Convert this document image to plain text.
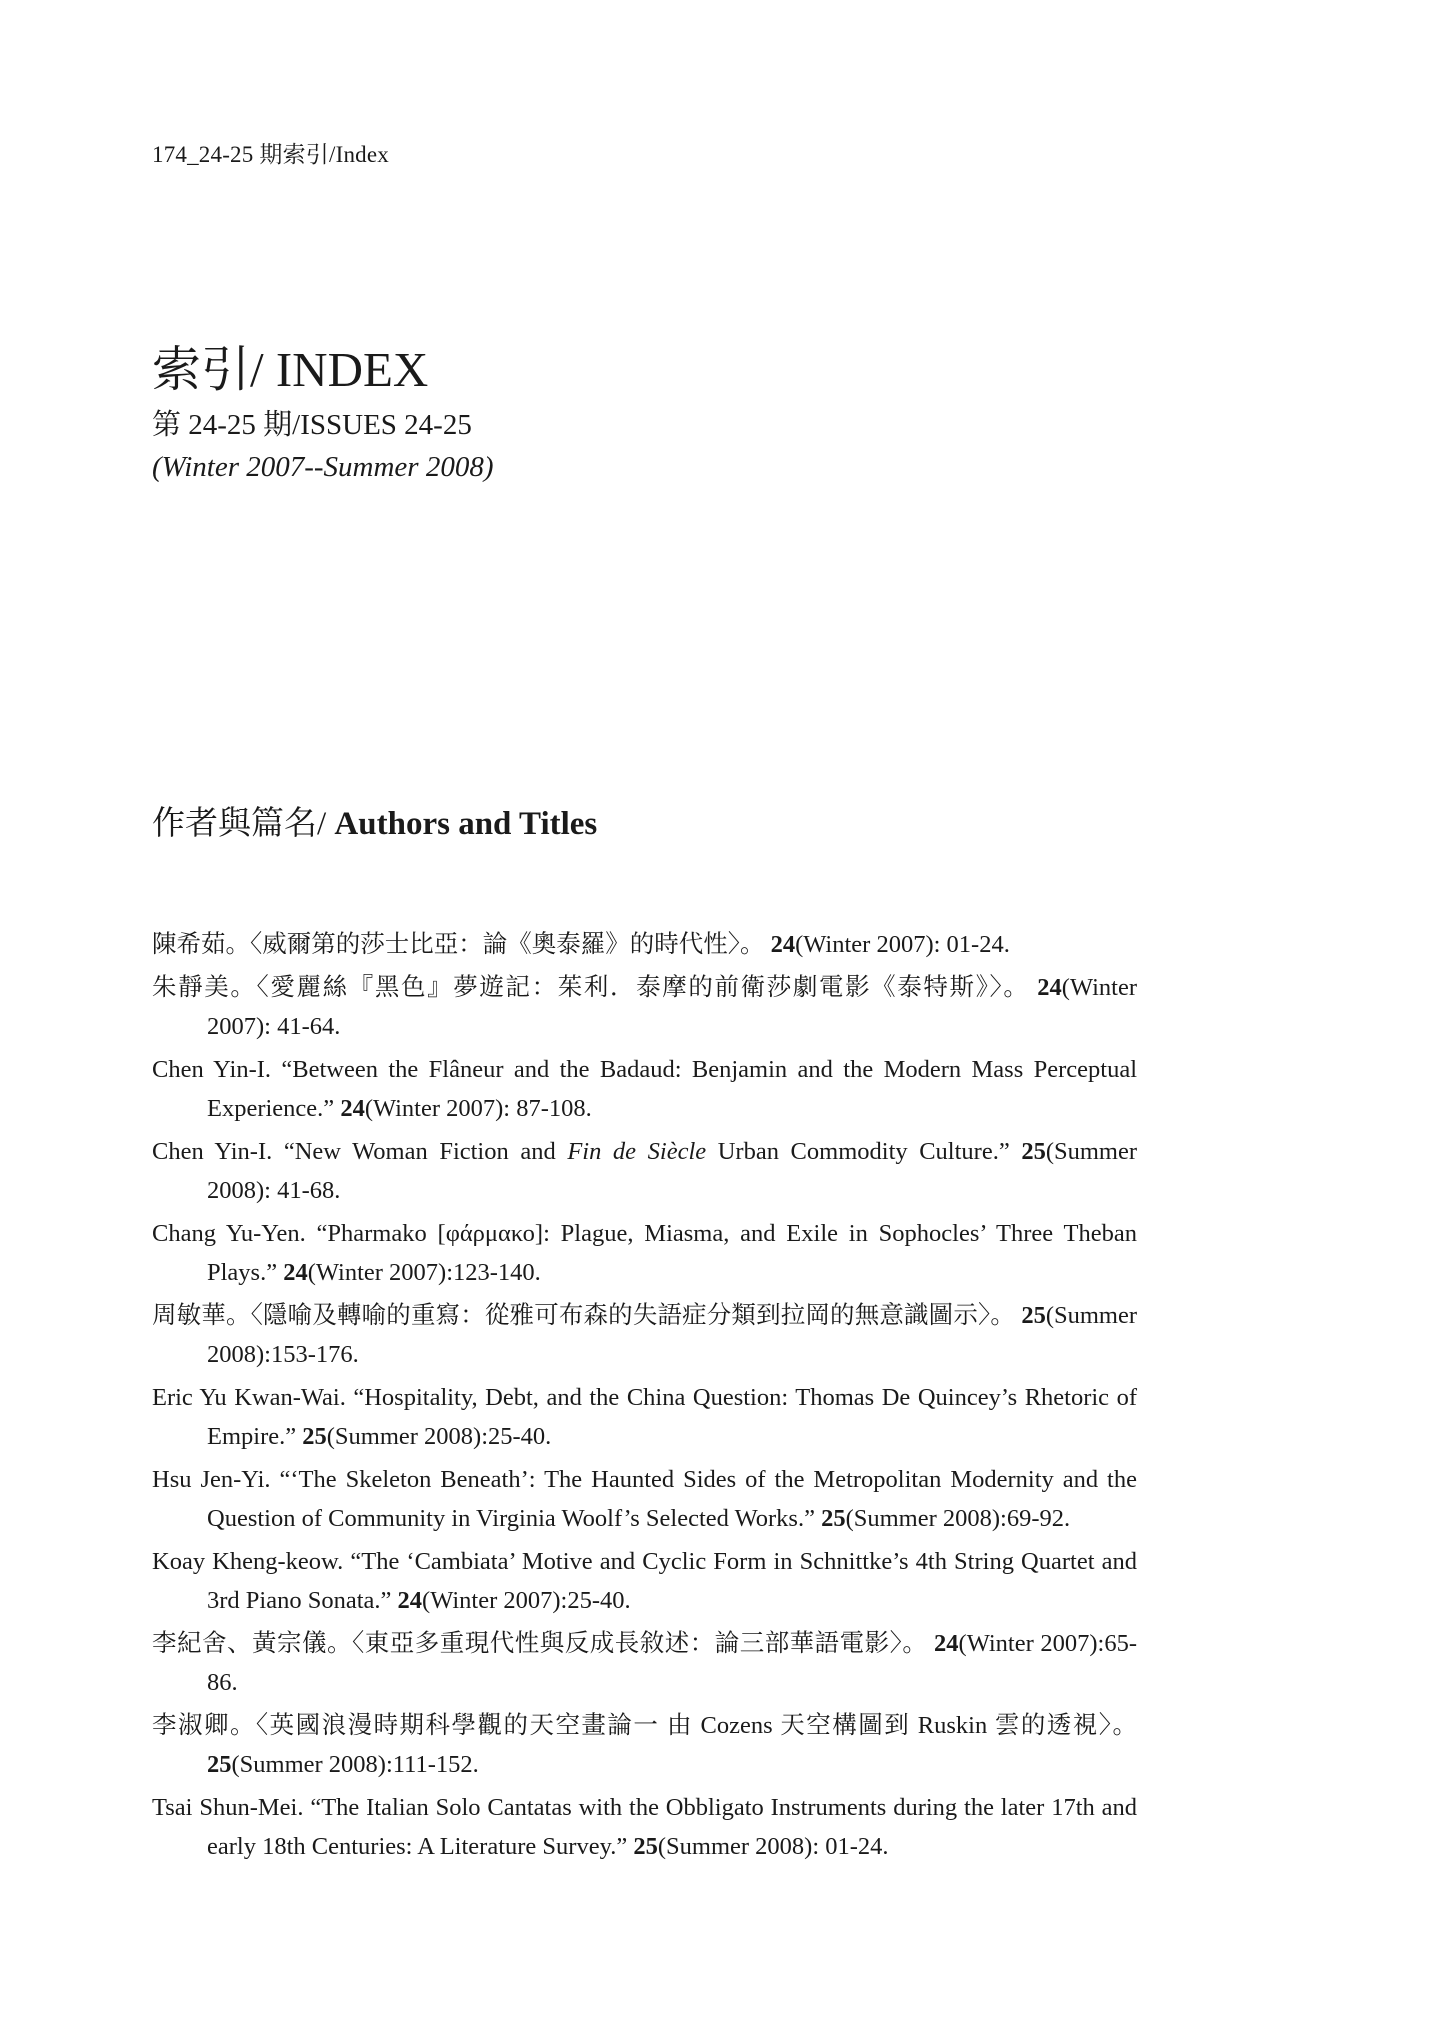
174_24-25 期索引/Index
索引/ INDEX

第 24-25 期/ISSUES 24-25

(Winter 2007--Summer 2008)

作者與篇名/ Authors and Titles
陳希茹。〈威爾第的莎士比亞：論《奧泰羅》的時代性〉。 24(Winter 2007): 01-24.
朱靜美。〈愛麗絲『黑色』夢遊記：茱利．泰摩的前衛莎劇電影《泰特斯》〉。 24(Winter 2007): 41-64.
Chen Yin-I. “Between the Flâneur and the Badaud: Benjamin and the Modern Mass Perceptual Experience.” 24(Winter 2007): 87-108.
Chen Yin-I. “New Woman Fiction and Fin de Siècle Urban Commodity Culture.” 25(Summer 2008): 41-68.
Chang Yu-Yen. “Pharmako [φάρμακο]: Plague, Miasma, and Exile in Sophocles’ Three Theban Plays.” 24(Winter 2007):123-140.
周敏華。〈隱喻及轉喻的重寫：從雅可布森的失語症分類到拉岡的無意識圖示〉。 25(Summer 2008):153-176.
Eric Yu Kwan-Wai. “Hospitality, Debt, and the China Question: Thomas De Quincey’s Rhetoric of Empire.” 25(Summer 2008):25-40.
Hsu Jen-Yi. “‘The Skeleton Beneath’: The Haunted Sides of the Metropolitan Modernity and the Question of Community in Virginia Woolf’s Selected Works.” 25(Summer 2008):69-92.
Koay Kheng-keow. “The ‘Cambiata’ Motive and Cyclic Form in Schnittke’s 4th String Quartet and 3rd Piano Sonata.” 24(Winter 2007):25-40.
李紀舍、黃宗儀。〈東亞多重現代性與反成長敘述：論三部華語電影〉。 24(Winter 2007):65-86.
李淑卿。〈英國浪漫時期科學觀的天空畫論一 由 Cozens 天空構圖到 Ruskin 雲的透視〉。25(Summer 2008):111-152.
Tsai Shun-Mei. “The Italian Solo Cantatas with the Obbligato Instruments during the later 17th and early 18th Centuries: A Literature Survey.” 25(Summer 2008): 01-24.
